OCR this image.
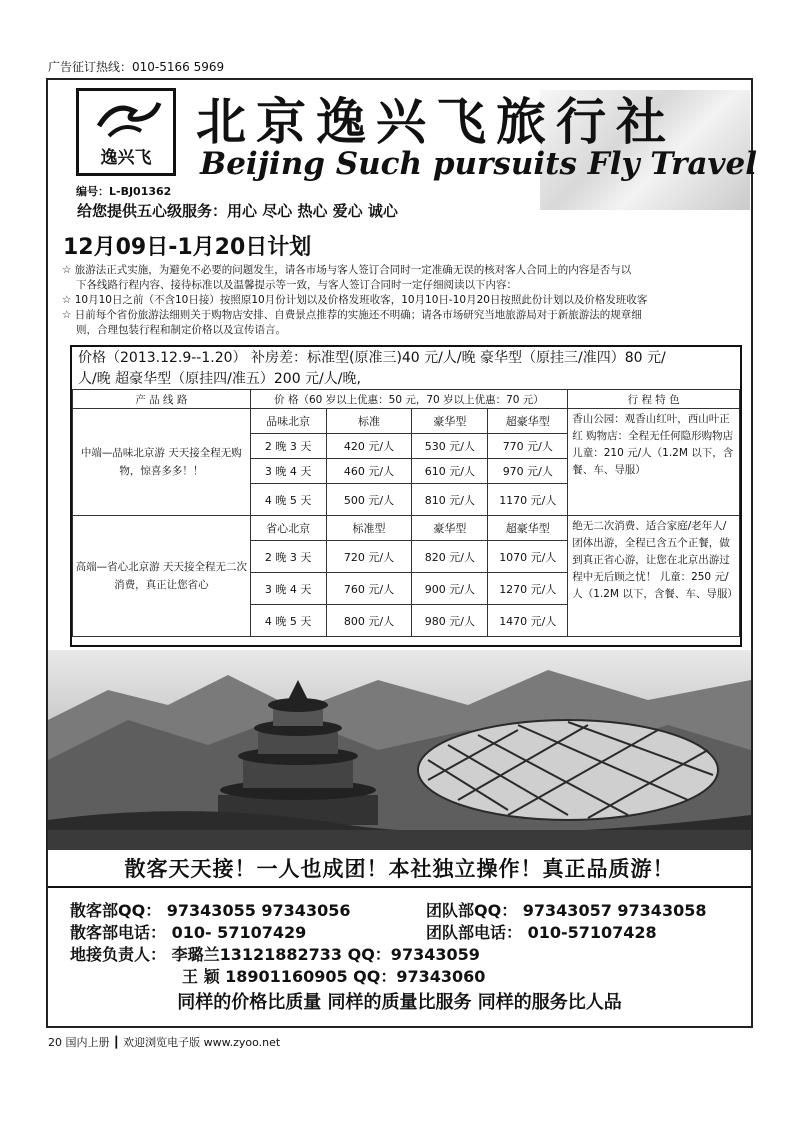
广告征订热线：010-5166 5969
逸兴飞
北京逸兴飞旅行社
Beijing Such pursuits Fly Travel
编号：L-BJ01362
给您提供五心级服务：用心 尽心 热心 爱心 诚心
12月09日-1月20日计划
☆ 旅游法正式实施，为避免不必要的问题发生，请各市场与客人签订合同时一定准确无误的核对客人合同上的内容是否与以
下各线路行程内容、接待标准以及温馨提示等一致，与客人签订合同时一定仔细阅读以下内容：
☆ 10月10日之前（不含10日接）按照原10月份计划以及价格发班收客，10月10日-10月20日按照此份计划以及价格发班收客
☆ 日前每个省份旅游法细则关于购物店安排、自费景点推荐的实施还不明确；请各市场研究当地旅游局对于新旅游法的规章细
则，合理包装行程和制定价格以及宣传语言。
价格（2013.12.9--1.20） 补房差：标准型(原准三)40 元/人/晚 豪华型（原挂三/准四）80 元/
人/晚 超豪华型（原挂四/准五）200 元/人/晚,
产 品 线 路	价 格（60 岁以上优惠：50 元，70 岁以上优惠：70 元）				行 程 特 色
中端—品味北京游 天天接全程无购物，惊喜多多！！	品味北京	标准	豪华型	超豪华型	香山公园：观香山红叶，西山叶正红 购物店：全程无任何隐形购物店 儿童：210 元/人（1.2M 以下，含餐、车、导服）
	2 晚 3 天	420 元/人	530 元/人	770 元/人	
	3 晚 4 天	460 元/人	610 元/人	970 元/人	
	4 晚 5 天	500 元/人	810 元/人	1170 元/人	
高端—省心北京游 天天接全程无二次消费，真正让您省心	省心北京	标准型	豪华型	超豪华型	绝无二次消费、适合家庭/老年人/团体出游，全程已含五个正餐，做到真正省心游，让您在北京出游过程中无后顾之忧！ 儿童：250 元/人（1.2M 以下，含餐、车、导服）
	2 晚 3 天	720 元/人	820 元/人	1070 元/人	
	3 晚 4 天	760 元/人	900 元/人	1270 元/人	
	4 晚 5 天	800 元/人	980 元/人	1470 元/人	
散客天天接！一人也成团！本社独立操作！真正品质游！
散客部QQ： 97343055 97343056	团队部QQ： 97343057 97343058
散客部电话： 010- 57107429	团队部电话： 010-57107428
地接负责人： 李璐兰13121882733 QQ：97343059
王 颖 18901160905 QQ：97343060
同样的价格比质量 同样的质量比服务 同样的服务比人品
20 国内上册 ┃ 欢迎浏览电子版 www.zyoo.net
